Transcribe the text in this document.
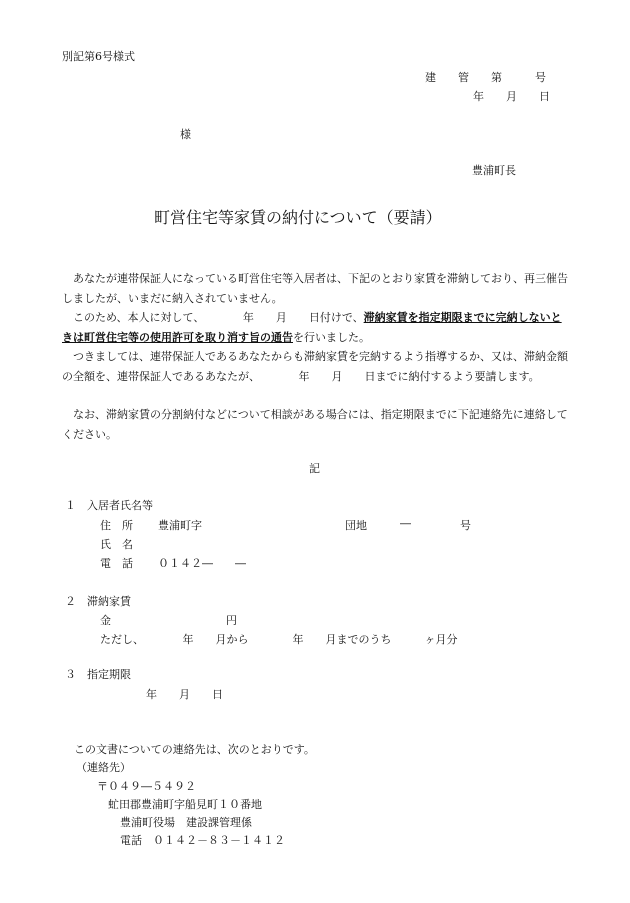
別記第6号様式
建　　管　　第　　　号
年　　月　　日
様
豊浦町長
町営住宅等家賃の納付について（要請）
あなたが連帯保証人になっている町営住宅等入居者は、下記のとおり家賃を滞納しており、再三催告しましたが、いまだに納入されていません。
このため、本人に対して、　　　　年　　月　　日付けで、滞納家賃を指定期限までに完納しないときは町営住宅等の使用許可を取り消す旨の通告を行いました。
つきましては、連帯保証人であるあなたからも滞納家賃を完納するよう指導するか、又は、滞納金額の全額を、連帯保証人であるあなたが、　　　　年　　月　　日までに納付するよう要請します。
なお、滞納家賃の分割納付などについて相談がある場合には、指定期限までに下記連絡先に連絡してください。
記
１　入居者氏名等
住　所 豊浦町字	団地	―	号
氏　名
電　話 ０１４２―　　―
２　滞納家賃
金	円
ただし、　　　　年　　月から　　　　年　　月までのうち　　　ヶ月分
３　指定期限
年　　月　　日
この文書についての連絡先は、次のとおりです。
（連絡先）
〒０４９―５４９２
虻田郡豊浦町字船見町１０番地
豊浦町役場　建設課管理係
電話　０１４２－８３－１４１２
